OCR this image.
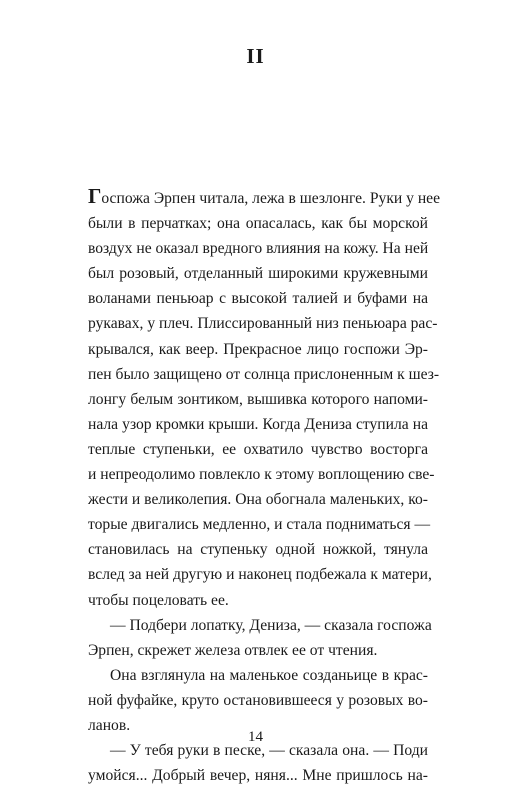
II
Госпожа Эрпен читала, лежа в шезлонге. Руки у нее
были в перчатках; она опасалась, как бы морской
воздух не оказал вредного влияния на кожу. На ней
был розовый, отделанный широкими кружевными
воланами пеньюар с высокой талией и буфами на
рукавах, у плеч. Плиссированный низ пеньюара рас-
крывался, как веер. Прекрасное лицо госпожи Эр-
пен было защищено от солнца прислоненным к шез-
лонгу белым зонтиком, вышивка которого напоми-
нала узор кромки крыши. Когда Дениза ступила на
теплые ступеньки, ее охватило чувство восторга
и непреодолимо повлекло к этому воплощению све-
жести и великолепия. Она обогнала маленьких, ко-
торые двигались медленно, и стала подниматься —
становилась на ступеньку одной ножкой, тянула
вслед за ней другую и наконец подбежала к матери,
чтобы поцеловать ее.
— Подбери лопатку, Дениза, — сказала госпожа
Эрпен, скрежет железа отвлек ее от чтения.
Она взглянула на маленькое созданьице в крас-
ной фуфайке, круто остановившееся у розовых во-
ланов.
— У тебя руки в песке, — сказала она. — Поди
умойся... Добрый вечер, няня... Мне пришлось на-
14
